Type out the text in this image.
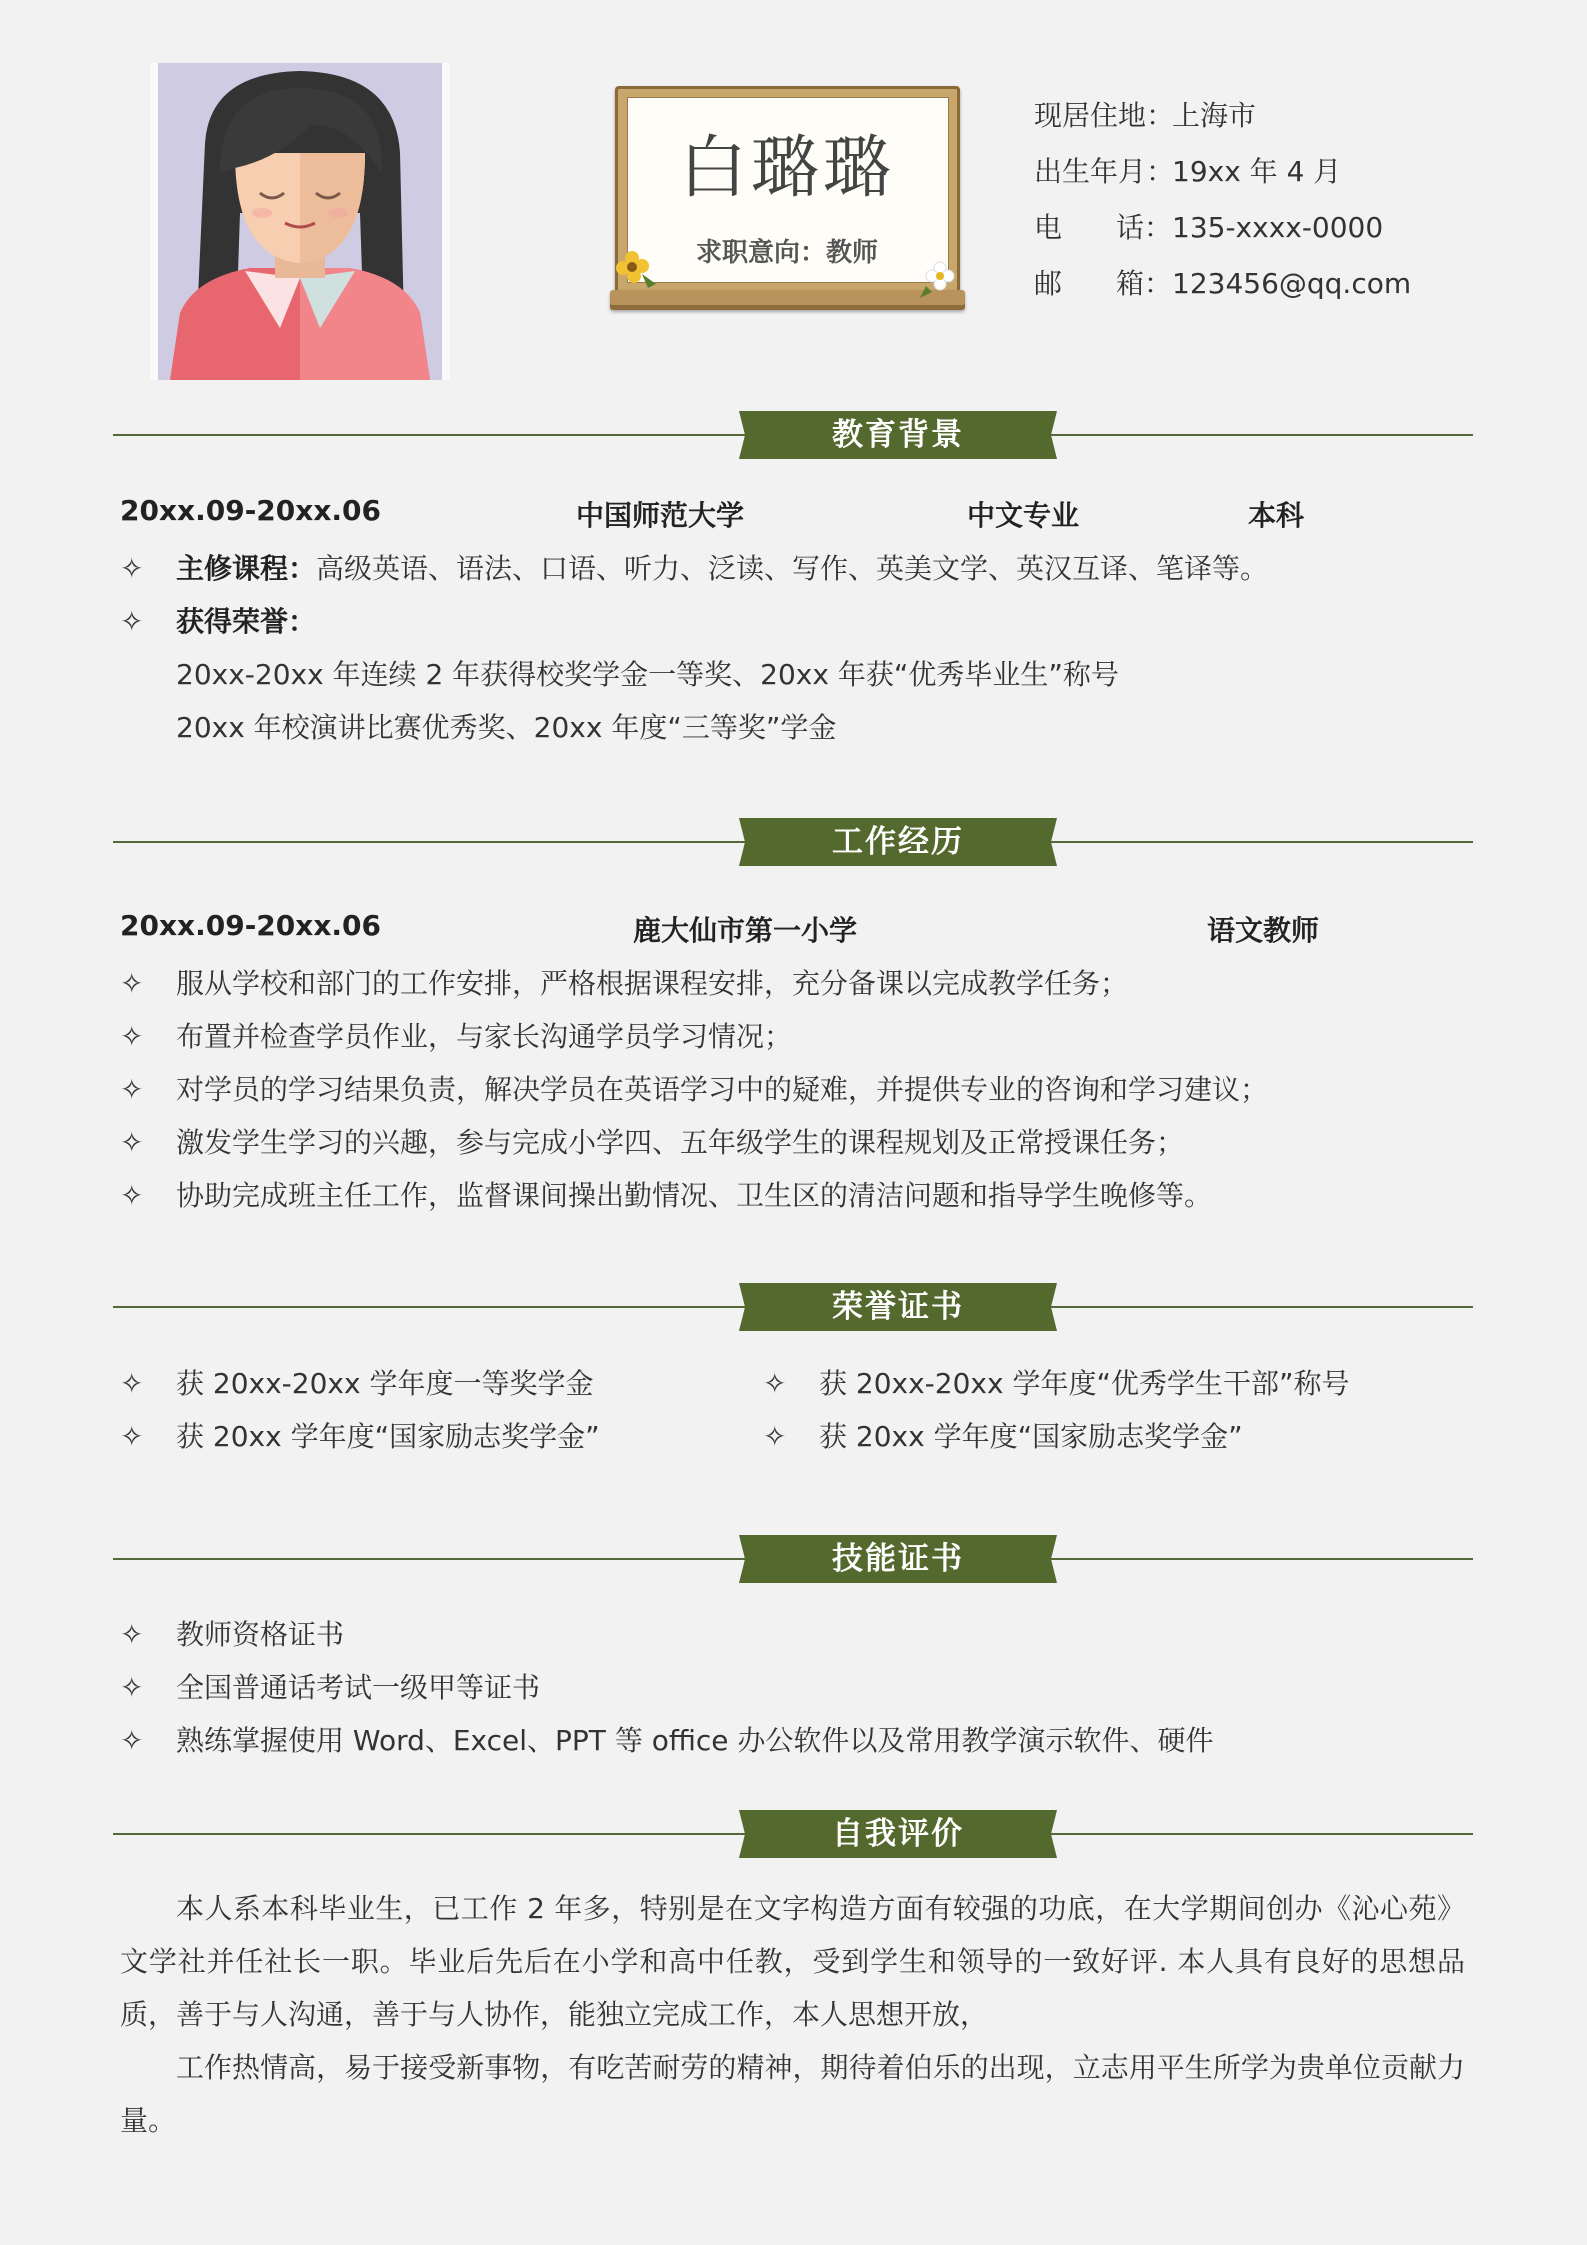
白璐璐
求职意向：教师
现 居 住 地 ： 上海市
出 生 年 月 ： 19xx 年 4 月
电 话 ：	135-xxxx-0000
邮 箱 ：	123456@qq.com
教育背景
20xx.09-20xx.06	中国师范大学	中文专业	本科
✧ 主修课程：高级英语、语法、口语、听力、泛读、写作、英美文学、英汉互译、笔译等。
✧ 获得荣誉：
20xx-20xx 年连续 2 年获得校奖学金一等奖、20xx 年获“优秀毕业生”称号
20xx 年校演讲比赛优秀奖、20xx 年度“三等奖”学金
工作经历
20xx.09-20xx.06	鹿大仙市第一小学	语文教师
✧ 服从学校和部门的工作安排，严格根据课程安排，充分备课以完成教学任务；
✧ 布置并检查学员作业，与家长沟通学员学习情况；
✧ 对学员的学习结果负责，解决学员在英语学习中的疑难，并提供专业的咨询和学习建议；
✧ 激发学生学习的兴趣，参与完成小学四、五年级学生的课程规划及正常授课任务；
✧ 协助完成班主任工作，监督课间操出勤情况、卫生区的清洁问题和指导学生晚修等。
荣誉证书
✧ 获 20xx-20xx 学年度一等奖学金	✧ 获 20xx-20xx 学年度“优秀学生干部”称号
✧ 获 20xx 学年度“国家励志奖学金”	✧ 获 20xx 学年度“国家励志奖学金”
技能证书
✧ 教师资格证书
✧ 全国普通话考试一级甲等证书
✧ 熟练掌握使用 Word、Excel、PPT 等 office 办公软件以及常用教学演示软件、硬件
自我评价

本人系本科毕业生，已工作 2 年多，特别是在文字构造方面有较强的功底，在大学期间创办《沁心苑》文学社并任社长一职。毕业后先后在小学和高中任教，受到学生和领导的一致好评. 本人具有良好的思想品质，善于与人沟通，善于与人协作，能独立完成工作，本人思想开放，

工作热情高，易于接受新事物，有吃苦耐劳的精神，期待着伯乐的出现，立志用平生所学为贵单位贡献力量。
